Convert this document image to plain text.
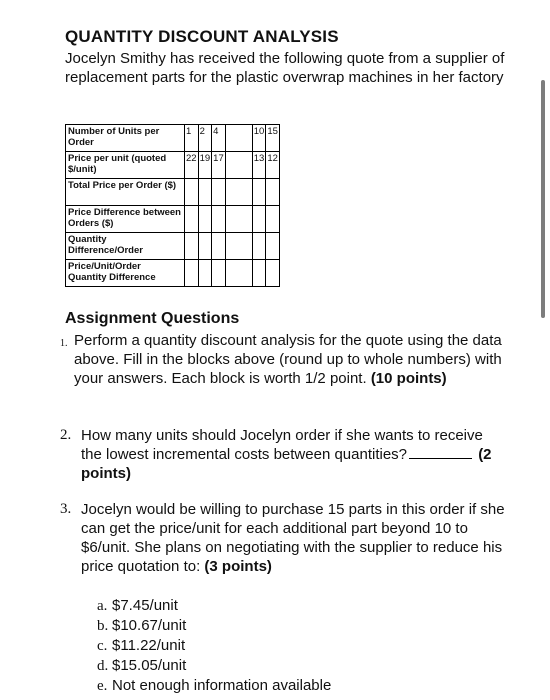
QUANTITY DISCOUNT ANALYSIS
Jocelyn Smithy has received the following quote from a supplier of replacement parts for the plastic overwrap machines in her factory
Number of Units per Order	1	2	4		10	15
Price per unit (quoted $/unit)	22	19	17		13	12
Total Price per Order ($)						
Price Difference between Orders ($)						
Quantity Difference/Order						
Price/Unit/Order Quantity Difference						
Assignment Questions
1. Perform a quantity discount analysis for the quote using the data above. Fill in the blocks above (round up to whole numbers) with your answers. Each block is worth 1/2 point. (10 points)
2. How many units should Jocelyn order if she wants to receive the lowest incremental costs between quantities?	(2 points)
3. Jocelyn would be willing to purchase 15 parts in this order if she can get the price/unit for each additional part beyond 10 to $6/unit. She plans on negotiating with the supplier to reduce his price quotation to: (3 points)
a. $7.45/unit
b. $10.67/unit
c. $11.22/unit
d. $15.05/unit
e. Not enough information available
